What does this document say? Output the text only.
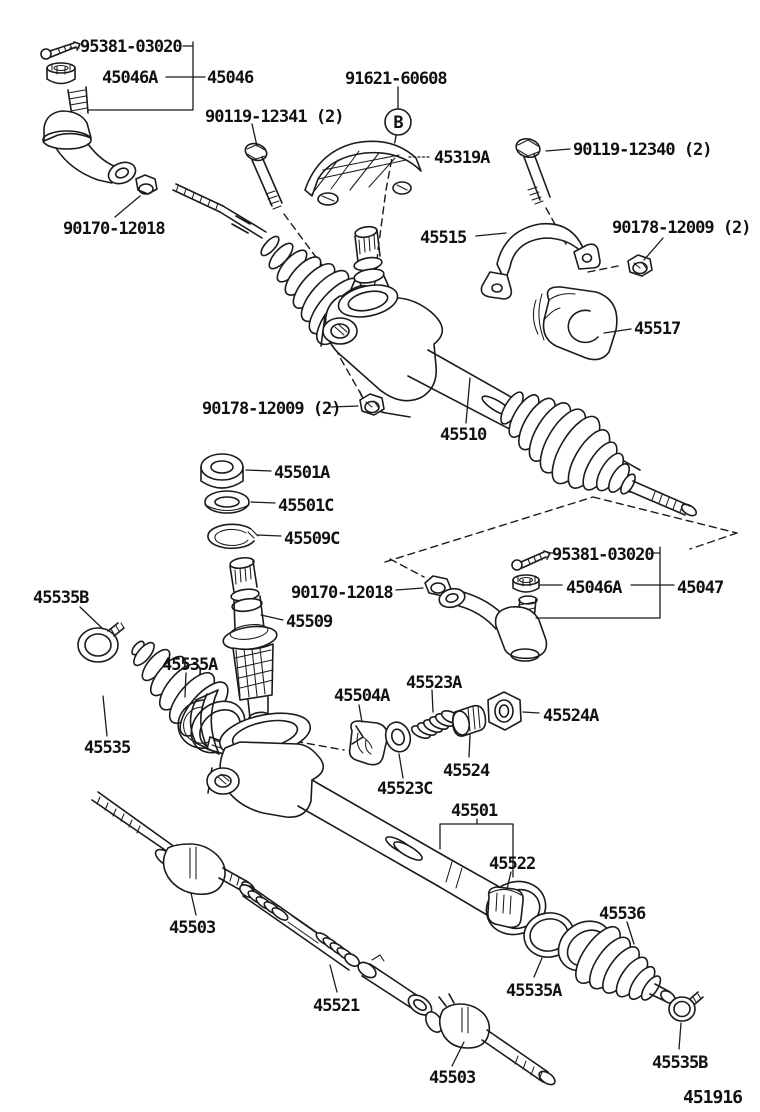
B
95381-03020
45046A	45046	91621-60608
90119-12341 (2)
45319A	90119-12340 (2)
90170-12018	45515	90178-12009 (2)
45517
90178-12009 (2)
45510
45501A
45501C
45509C
95381-03020
90170-12018	45046A	45047
45535B
45509
45535A
45504A
45523A
45524A
45535
45523C
45524
45501
45522
45503
45536
45521
45535A
45535B
45503
451916
